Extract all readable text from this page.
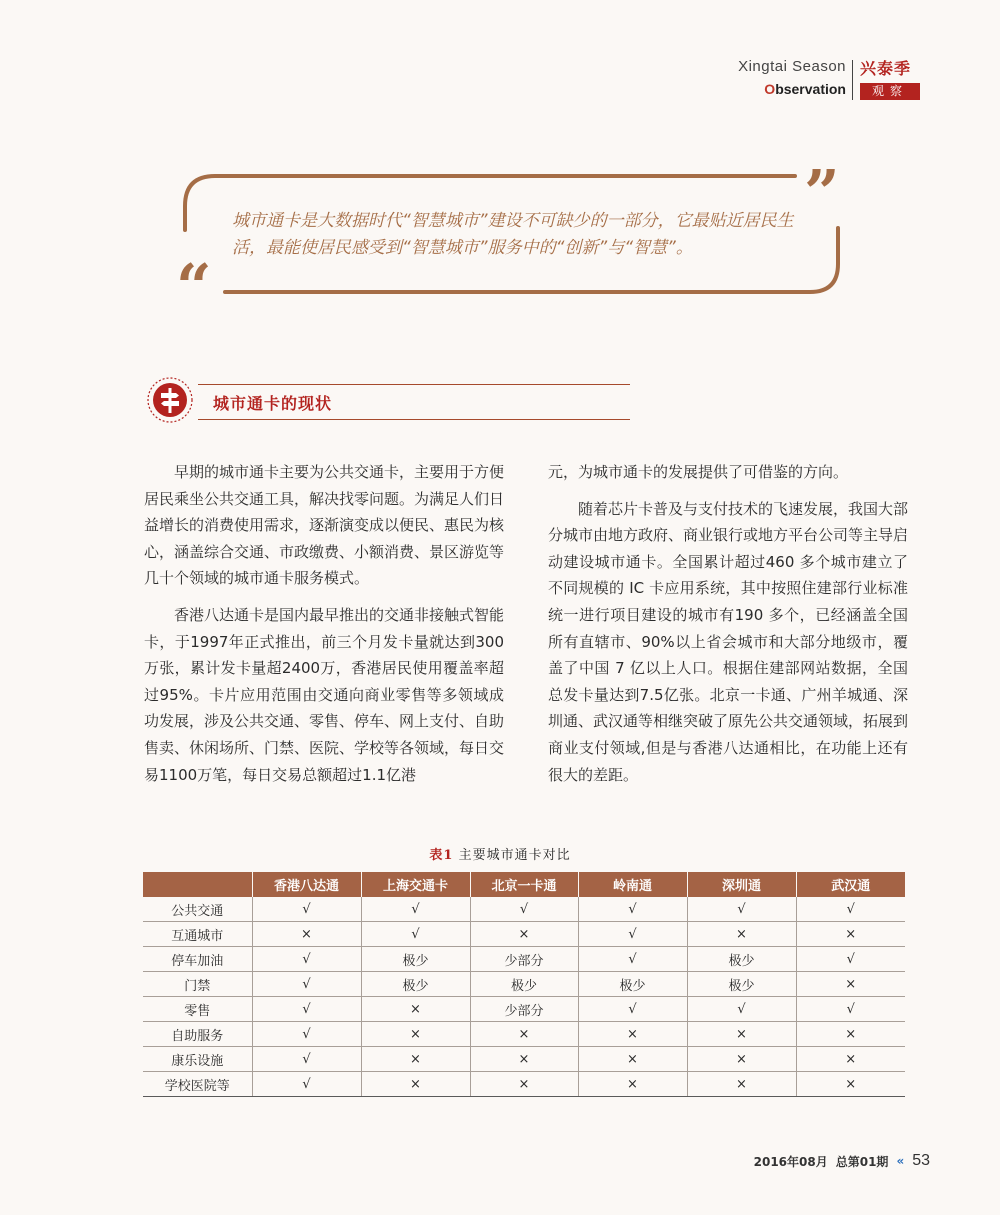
Xingtai Season
Observation
兴泰季
观察
”
“
城市通卡是大数据时代“智慧城市”建设不可缺少的一部分，它最贴近居民生活，最能使居民感受到“智慧城市”服务中的“创新”与“智慧”。
城市通卡的现状

早期的城市通卡主要为公共交通卡，主要用于方便居民乘坐公共交通工具，解决找零问题。为满足人们日益增长的消费使用需求，逐渐演变成以便民、惠民为核心，涵盖综合交通、市政缴费、小额消费、景区游览等几十个领域的城市通卡服务模式。

香港八达通卡是国内最早推出的交通非接触式智能卡，于1997年正式推出，前三个月发卡量就达到300万张，累计发卡量超2400万，香港居民使用覆盖率超过95%。卡片应用范围由交通向商业零售等多领域成功发展，涉及公共交通、零售、停车、网上支付、自助售卖、休闲场所、门禁、医院、学校等各领域，每日交易1100万笔，每日交易总额超过1.1亿港

元，为城市通卡的发展提供了可借鉴的方向。

随着芯片卡普及与支付技术的飞速发展，我国大部分城市由地方政府、商业银行或地方平台公司等主导启动建设城市通卡。全国累计超过460 多个城市建立了不同规模的 IC 卡应用系统，其中按照住建部行业标准统一进行项目建设的城市有190 多个，已经涵盖全国所有直辖市、90%以上省会城市和大部分地级市，覆盖了中国 7 亿以上人口。根据住建部网站数据，全国总发卡量达到7.5亿张。北京一卡通、广州羊城通、深圳通、武汉通等相继突破了原先公共交通领域，拓展到商业支付领域,但是与香港八达通相比，在功能上还有很大的差距。

表1 主要城市通卡对比
	香港八达通	上海交通卡	北京一卡通	岭南通	深圳通	武汉通
公共交通	√	√	√	√	√	√
互通城市	×	√	×	√	×	×
停车加油	√	极少	少部分	√	极少	√
门禁	√	极少	极少	极少	极少	×
零售	√	×	少部分	√	√	√
自助服务	√	×	×	×	×	×
康乐设施	√	×	×	×	×	×
学校医院等	√	×	×	×	×	×
2016年08月 总第01期 « 53
